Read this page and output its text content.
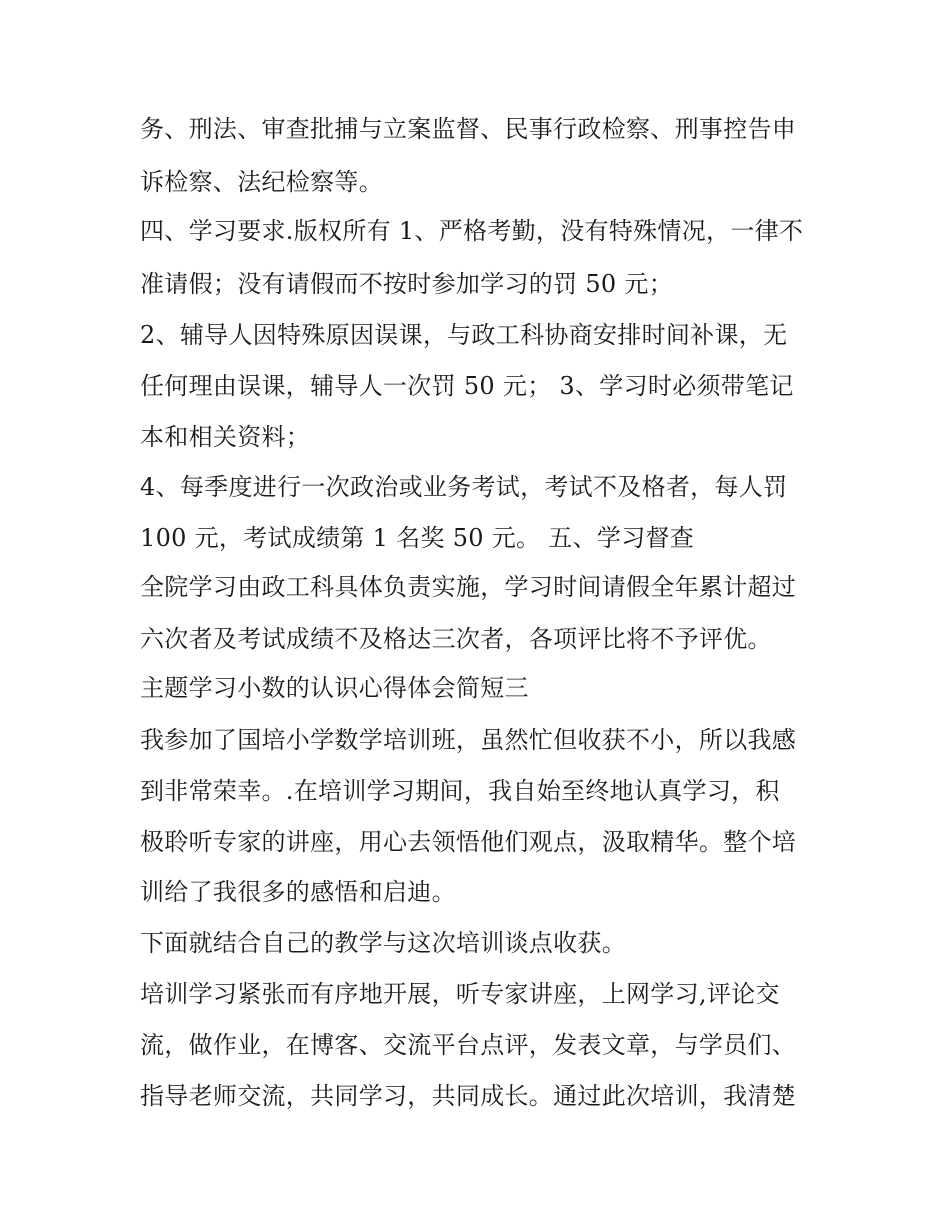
务、刑法、审查批捕与立案监督、民事行政检察、刑事控告申
诉检察、法纪检察等。
四、学习要求.版权所有 1、严格考勤，没有特殊情况，一律不
准请假；没有请假而不按时参加学习的罚 50 元；
2、辅导人因特殊原因误课，与政工科协商安排时间补课，无
任何理由误课，辅导人一次罚 50 元； 3、学习时必须带笔记
本和相关资料；
4、每季度进行一次政治或业务考试，考试不及格者，每人罚
100 元，考试成绩第 1 名奖 50 元。 五、学习督查
全院学习由政工科具体负责实施，学习时间请假全年累计超过
六次者及考试成绩不及格达三次者，各项评比将不予评优。
主题学习小数的认识心得体会简短三
我参加了国培小学数学培训班，虽然忙但收获不小，所以我感
到非常荣幸。.在培训学习期间，我自始至终地认真学习，积
极聆听专家的讲座，用心去领悟他们观点，汲取精华。整个培
训给了我很多的感悟和启迪。
下面就结合自己的教学与这次培训谈点收获。
培训学习紧张而有序地开展，听专家讲座，上网学习,评论交
流，做作业，在博客、交流平台点评，发表文章，与学员们、
指导老师交流，共同学习，共同成长。通过此次培训，我清楚
